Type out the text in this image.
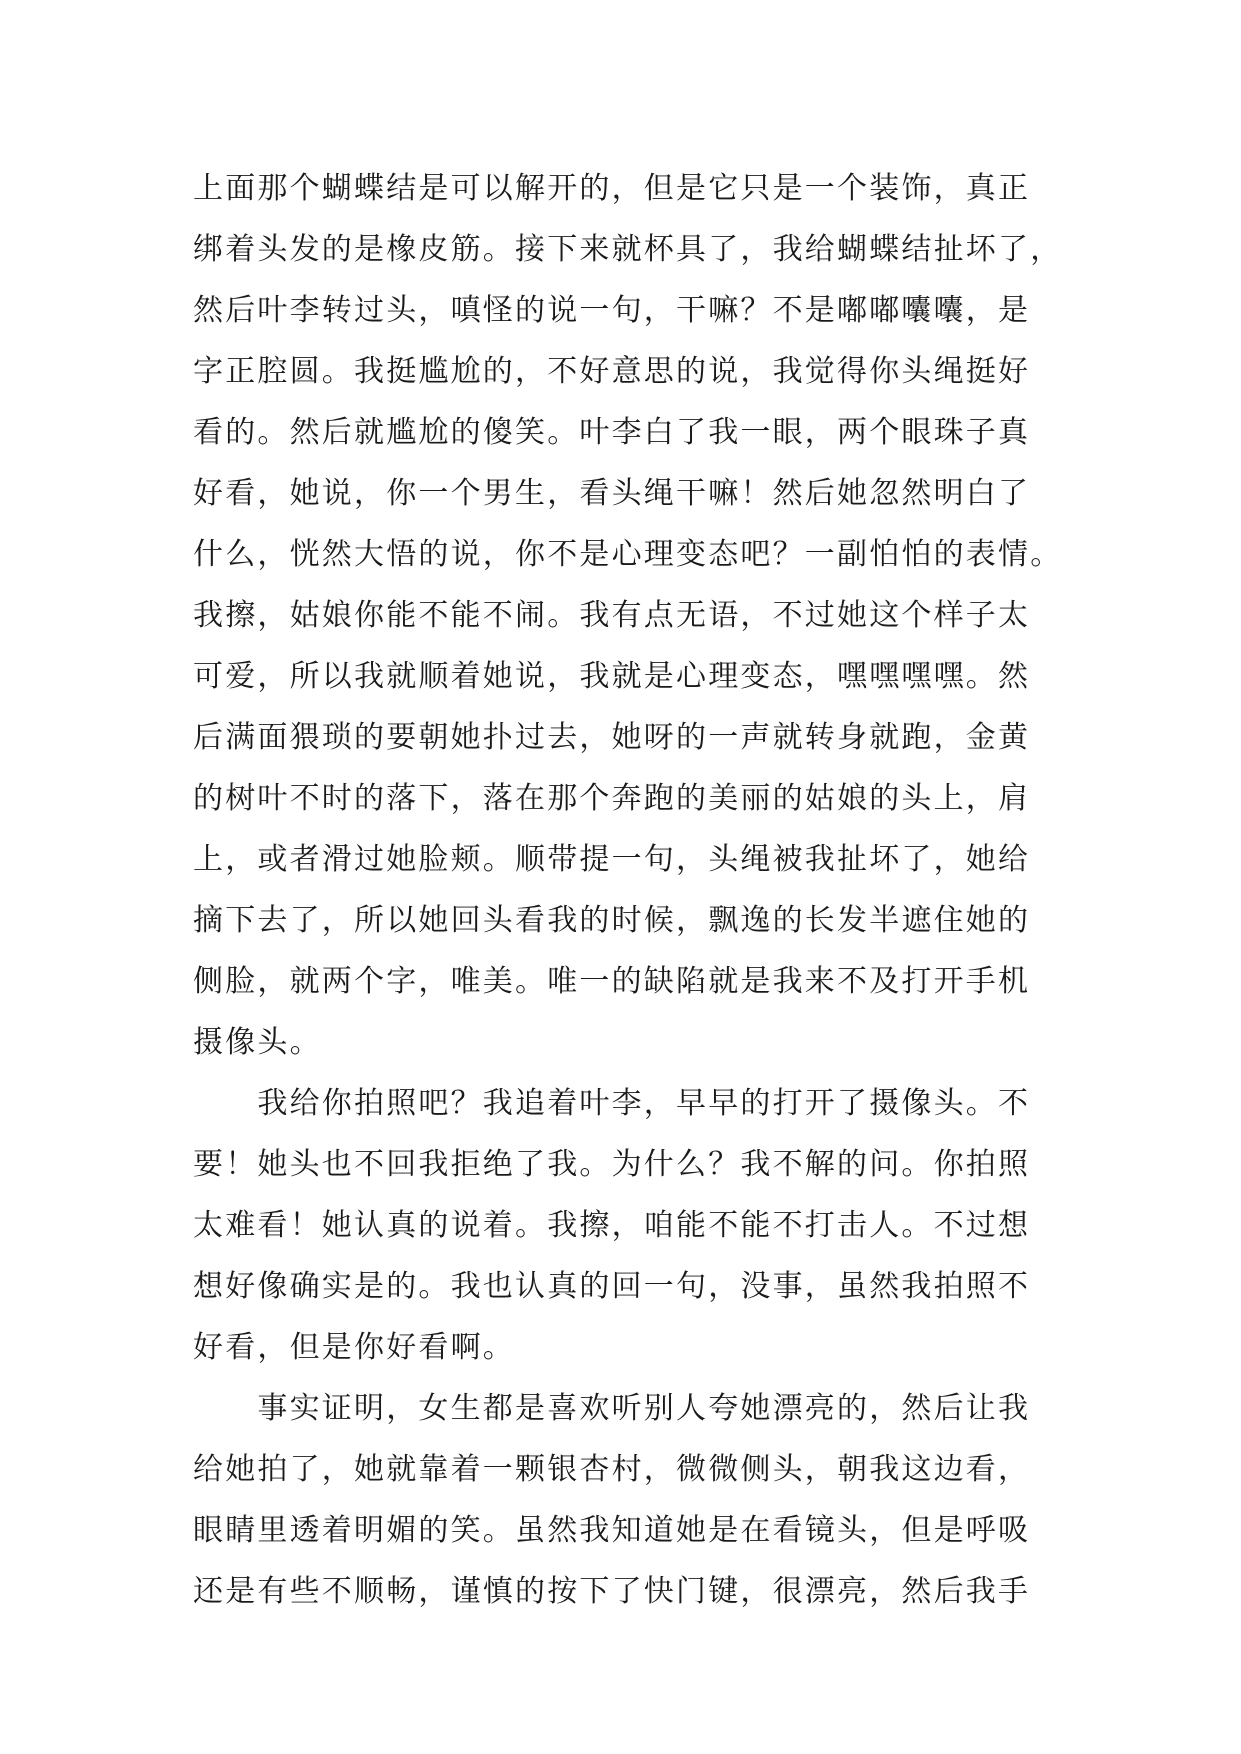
上面那个蝴蝶结是可以解开的，但是它只是一个装饰，真正
绑着头发的是橡皮筋。接下来就杯具了，我给蝴蝶结扯坏了，
然后叶李转过头，嗔怪的说一句，干嘛？不是嘟嘟囔囔，是
字正腔圆。我挺尴尬的，不好意思的说，我觉得你头绳挺好
看的。然后就尴尬的傻笑。叶李白了我一眼，两个眼珠子真
好看，她说，你一个男生，看头绳干嘛！然后她忽然明白了
什么，恍然大悟的说，你不是心理变态吧？一副怕怕的表情。
我擦，姑娘你能不能不闹。我有点无语，不过她这个样子太
可爱，所以我就顺着她说，我就是心理变态，嘿嘿嘿嘿。然
后满面猥琐的要朝她扑过去，她呀的一声就转身就跑，金黄
的树叶不时的落下，落在那个奔跑的美丽的姑娘的头上，肩
上，或者滑过她脸颊。顺带提一句，头绳被我扯坏了，她给
摘下去了，所以她回头看我的时候，飘逸的长发半遮住她的
侧脸，就两个字，唯美。唯一的缺陷就是我来不及打开手机
摄像头。
　　我给你拍照吧？我追着叶李，早早的打开了摄像头。不
要！她头也不回我拒绝了我。为什么？我不解的问。你拍照
太难看！她认真的说着。我擦，咱能不能不打击人。不过想
想好像确实是的。我也认真的回一句，没事，虽然我拍照不
好看，但是你好看啊。
　　事实证明，女生都是喜欢听别人夸她漂亮的，然后让我
给她拍了，她就靠着一颗银杏村，微微侧头，朝我这边看，
眼睛里透着明媚的笑。虽然我知道她是在看镜头，但是呼吸
还是有些不顺畅，谨慎的按下了快门键，很漂亮，然后我手
